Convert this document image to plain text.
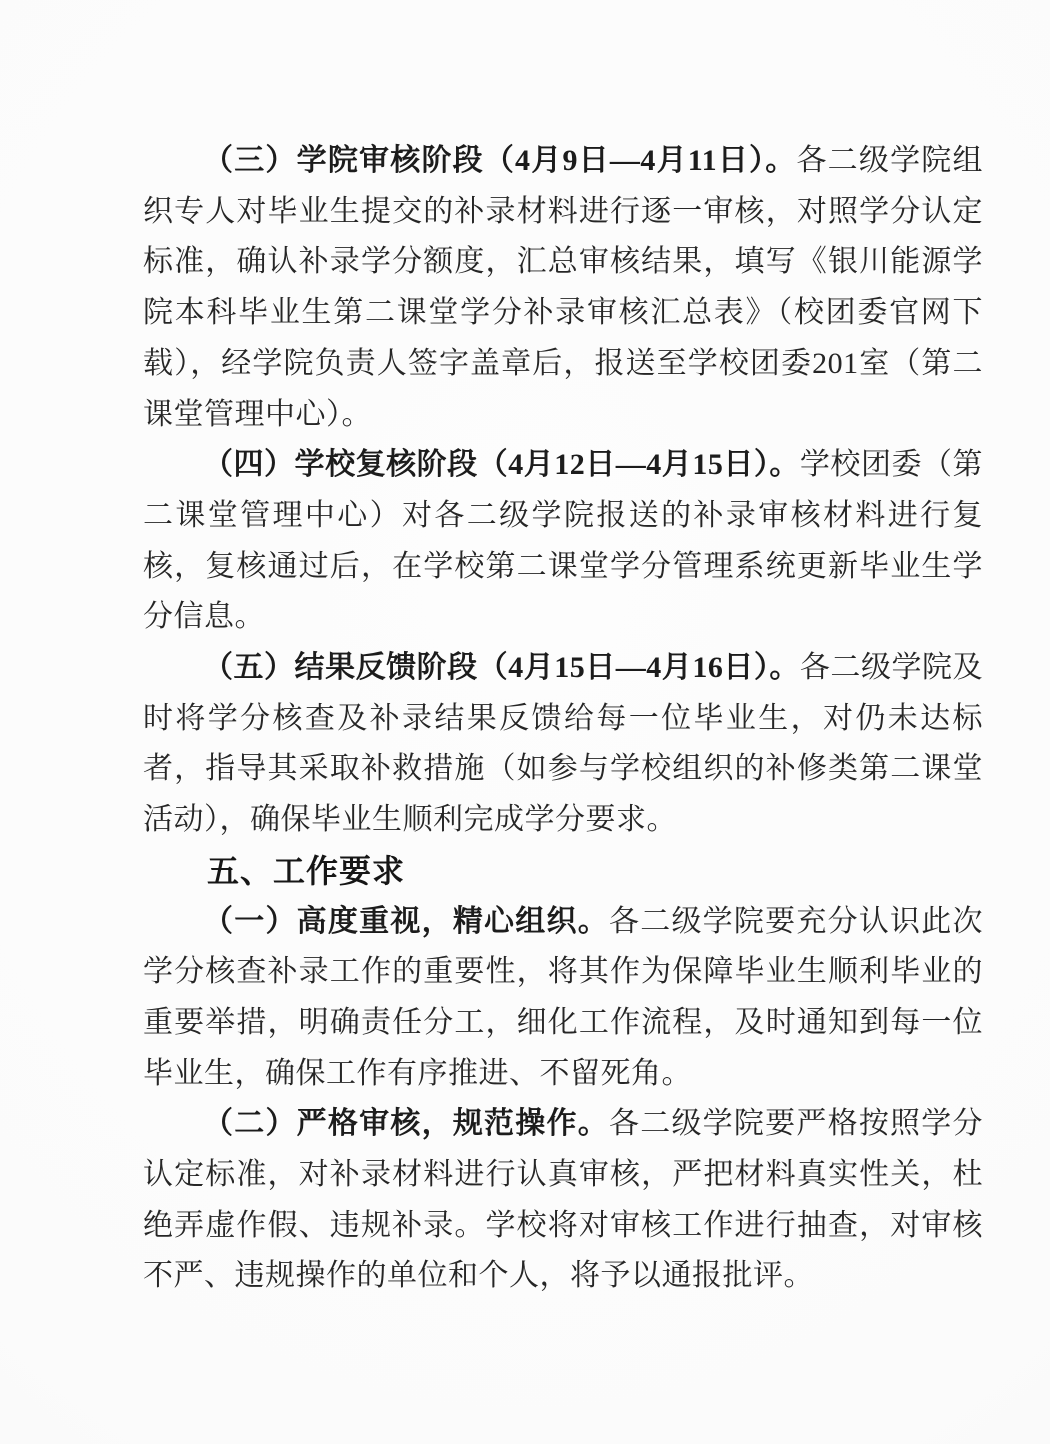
（三）学院审核阶段（4月9日—4月11日）。各二级学院组织专人对毕业生提交的补录材料进行逐一审核，对照学分认定标准，确认补录学分额度，汇总审核结果，填写《银川能源学院本科毕业生第二课堂学分补录审核汇总表》（校团委官网下载），经学院负责人签字盖章后，报送至学校团委201室（第二课堂管理中心）。

（四）学校复核阶段（4月12日—4月15日）。学校团委（第二课堂管理中心）对各二级学院报送的补录审核材料进行复核，复核通过后，在学校第二课堂学分管理系统更新毕业生学分信息。

（五）结果反馈阶段（4月15日—4月16日）。各二级学院及时将学分核查及补录结果反馈给每一位毕业生，对仍未达标者，指导其采取补救措施（如参与学校组织的补修类第二课堂活动），确保毕业生顺利完成学分要求。

五、工作要求

（一）高度重视，精心组织。各二级学院要充分认识此次学分核查补录工作的重要性，将其作为保障毕业生顺利毕业的重要举措，明确责任分工，细化工作流程，及时通知到每一位毕业生，确保工作有序推进、不留死角。

（二）严格审核，规范操作。各二级学院要严格按照学分认定标准，对补录材料进行认真审核，严把材料真实性关，杜绝弄虚作假、违规补录。学校将对审核工作进行抽查，对审核不严、违规操作的单位和个人，将予以通报批评。
